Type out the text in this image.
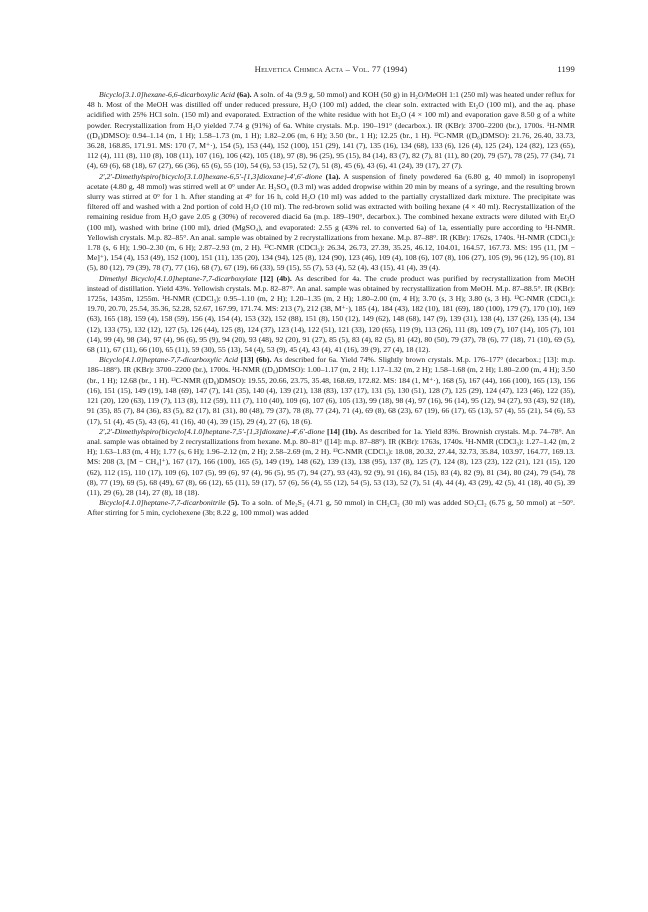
Helvetica Chimica Acta – Vol. 77 (1994)	1199

Bicyclo[3.1.0]hexane-6,6-dicarboxylic Acid (6a). A soln. of 4a (9.9 g, 50 mmol) and KOH (50 g) in H₂O/MeOH 1:1 (250 ml) was heated under reflux for 48 h. Most of the MeOH was distilled off under reduced pressure, H₂O (100 ml) added, the clear soln. extracted with Et₂O (100 ml), and the aq. phase acidified with 25% HCl soln. (150 ml) and evaporated. Extraction of the white residue with hot Et₂O (4 × 100 ml) and evaporation gave 8.50 g of a white powder. Recrystallization from H₂O yielded 7.74 g (91%) of 6a. White crystals. M.p. 190–191° (decarbox.). IR (KBr): 3700–2200 (br.), 1700s. ¹H-NMR ((D₆)DMSO): 0.94–1.14 (m, 1 H); 1.58–1.73 (m, 1 H); 1.82–2.06 (m, 6 H); 3.50 (br., 1 H); 12.25 (br., 1 H). ¹³C-NMR ((D₆)DMSO): 21.76, 26.40, 33.73, 36.28, 168.85, 171.91. MS: 170 (7, M⁺·), 154 (5), 153 (44), 152 (100), 151 (29), 141 (7), 135 (16), 134 (68), 133 (6), 126 (4), 125 (24), 124 (82), 123 (65), 112 (4), 111 (8), 110 (8), 108 (11), 107 (16), 106 (42), 105 (18), 97 (8), 96 (25), 95 (15), 84 (14), 83 (7), 82 (7), 81 (11), 80 (20), 79 (57), 78 (25), 77 (34), 71 (4), 69 (6), 68 (18), 67 (27), 66 (36), 65 (6), 55 (10), 54 (6), 53 (15), 52 (7), 51 (8), 45 (6), 43 (6), 41 (24), 39 (17), 27 (7).

2′,2′-Dimethylspiro{bicyclo[3.1.0]hexane-6,5′-[1,3]dioxane}-4′,6′-dione (1a). A suspension of finely powdered 6a (6.80 g, 40 mmol) in isopropenyl acetate (4.80 g, 48 mmol) was stirred well at 0° under Ar. H₂SO₄ (0.3 ml) was added dropwise within 20 min by means of a syringe, and the resulting brown slurry was stirred at 0° for 1 h. After standing at 4° for 16 h, cold H₂O (10 ml) was added to the partially crystallized dark mixture. The precipitate was filtered off and washed with a 2nd portion of cold H₂O (10 ml). The red-brown solid was extracted with boiling hexane (4 × 40 ml). Recrystallization of the remaining residue from H₂O gave 2.05 g (30%) of recovered diacid 6a (m.p. 189–190°, decarbox.). The combined hexane extracts were diluted with Et₂O (100 ml), washed with brine (100 ml), dried (MgSO₄), and evaporated: 2.55 g (43% rel. to converted 6a) of 1a, essentially pure according to ¹H-NMR. Yellowish crystals. M.p. 82–85°. An anal. sample was obtained by 2 recrystallizations from hexane. M.p. 87–88°. IR (KBr): 1762s, 1740s. ¹H-NMR (CDCl₃): 1.78 (s, 6 H); 1.90–2.30 (m, 6 H); 2.87–2.93 (m, 2 H). ¹³C-NMR (CDCl₃): 26.34, 26.73, 27.39, 35.25, 46.12, 104.01, 164.57, 167.73. MS: 195 (11, [M − Me]⁺), 154 (4), 153 (49), 152 (100), 151 (11), 135 (20), 134 (94), 125 (8), 124 (90), 123 (46), 109 (4), 108 (6), 107 (8), 106 (27), 105 (9), 96 (12), 95 (10), 81 (5), 80 (12), 79 (39), 78 (7), 77 (16), 68 (7), 67 (19), 66 (33), 59 (15), 55 (7), 53 (4), 52 (4), 43 (15), 41 (4), 39 (4).

Dimethyl Bicyclo[4.1.0]heptane-7,7-dicarboxylate [12] (4b). As described for 4a. The crude product was purified by recrystallization from MeOH instead of distillation. Yield 43%. Yellowish crystals. M.p. 82–87°. An anal. sample was obtained by recrystallization from MeOH. M.p. 87–88.5°. IR (KBr): 1725s, 1435m, 1255m. ¹H-NMR (CDCl₃): 0.95–1.10 (m, 2 H); 1.20–1.35 (m, 2 H); 1.80–2.00 (m, 4 H); 3.70 (s, 3 H); 3.80 (s, 3 H). ¹³C-NMR (CDCl₃): 19.70, 20.70, 25.54, 35.36, 52.28, 52.67, 167.99, 171.74. MS: 213 (7), 212 (38, M⁺·), 185 (4), 184 (43), 182 (10), 181 (69), 180 (100), 179 (7), 170 (10), 169 (63), 165 (18), 159 (4), 158 (59), 156 (4), 154 (4), 153 (32), 152 (88), 151 (8), 150 (12), 149 (62), 148 (68), 147 (9), 139 (31), 138 (4), 137 (26), 135 (4), 134 (12), 133 (75), 132 (12), 127 (5), 126 (44), 125 (8), 124 (37), 123 (14), 122 (51), 121 (33), 120 (65), 119 (9), 113 (26), 111 (8), 109 (7), 107 (14), 105 (7), 101 (14), 99 (4), 98 (34), 97 (4), 96 (6), 95 (9), 94 (20), 93 (48), 92 (20), 91 (27), 85 (5), 83 (4), 82 (5), 81 (42), 80 (50), 79 (37), 78 (6), 77 (18), 71 (10), 69 (5), 68 (11), 67 (11), 66 (10), 65 (11), 59 (30), 55 (13), 54 (4), 53 (9), 45 (4), 43 (4), 41 (16), 39 (9), 27 (4), 18 (12).

Bicyclo[4.1.0]heptane-7,7-dicarboxylic Acid [13] (6b). As described for 6a. Yield 74%. Slightly brown crystals. M.p. 176–177° (decarbox.; [13]: m.p. 186–188°). IR (KBr): 3700–2200 (br.), 1700s. ¹H-NMR ((D₆)DMSO): 1.00–1.17 (m, 2 H); 1.17–1.32 (m, 2 H); 1.58–1.68 (m, 2 H); 1.80–2.00 (m, 4 H); 3.50 (br., 1 H); 12.68 (br., 1 H). ¹³C-NMR ((D₆)DMSO): 19.55, 20.66, 23.75, 35.48, 168.69, 172.82. MS: 184 (1, M⁺·), 168 (5), 167 (44), 166 (100), 165 (13), 156 (16), 151 (15), 149 (19), 148 (69), 147 (7), 141 (35), 140 (4), 139 (21), 138 (83), 137 (17), 131 (5), 130 (51), 128 (7), 125 (29), 124 (47), 123 (46), 122 (35), 121 (20), 120 (63), 119 (7), 113 (8), 112 (59), 111 (7), 110 (40), 109 (6), 107 (6), 105 (13), 99 (18), 98 (4), 97 (16), 96 (14), 95 (12), 94 (27), 93 (43), 92 (18), 91 (35), 85 (7), 84 (36), 83 (5), 82 (17), 81 (31), 80 (48), 79 (37), 78 (8), 77 (24), 71 (4), 69 (8), 68 (23), 67 (19), 66 (17), 65 (13), 57 (4), 55 (21), 54 (6), 53 (17), 51 (4), 45 (5), 43 (6), 41 (16), 40 (4), 39 (15), 29 (4), 27 (6), 18 (6).

2′,2′-Dimethylspiro{bicyclo[4.1.0]heptane-7,5′-[1,3]dioxane}-4′,6′-dione [14] (1b). As described for 1a. Yield 83%. Brownish crystals. M.p. 74–78°. An anal. sample was obtained by 2 recrystallizations from hexane. M.p. 80–81° ([14]: m.p. 87–88°). IR (KBr): 1763s, 1740s. ¹H-NMR (CDCl₃): 1.27–1.42 (m, 2 H); 1.63–1.83 (m, 4 H); 1.77 (s, 6 H); 1.96–2.12 (m, 2 H); 2.58–2.69 (m, 2 H). ¹³C-NMR (CDCl₃): 18.08, 20.32, 27.44, 32.73, 35.84, 103.97, 164.77, 169.13. MS: 208 (3, [M − CH₄]⁺), 167 (17), 166 (100), 165 (5), 149 (19), 148 (62), 139 (13), 138 (95), 137 (8), 125 (7), 124 (8), 123 (23), 122 (21), 121 (15), 120 (62), 112 (15), 110 (17), 109 (6), 107 (5), 99 (6), 97 (4), 96 (5), 95 (7), 94 (27), 93 (43), 92 (9), 91 (16), 84 (15), 83 (4), 82 (9), 81 (34), 80 (24), 79 (54), 78 (8), 77 (19), 69 (5), 68 (49), 67 (8), 66 (12), 65 (11), 59 (17), 57 (6), 56 (4), 55 (12), 54 (5), 53 (13), 52 (7), 51 (4), 44 (4), 43 (29), 42 (5), 41 (18), 40 (5), 39 (11), 29 (6), 28 (14), 27 (8), 18 (18).

Bicyclo[4.1.0]heptane-7,7-dicarbonitrile (5). To a soln. of Me₂S₂ (4.71 g, 50 mmol) in CH₂Cl₂ (30 ml) was added SO₂Cl₂ (6.75 g, 50 mmol) at −50°. After stirring for 5 min, cyclohexene (3b; 8.22 g, 100 mmol) was added
